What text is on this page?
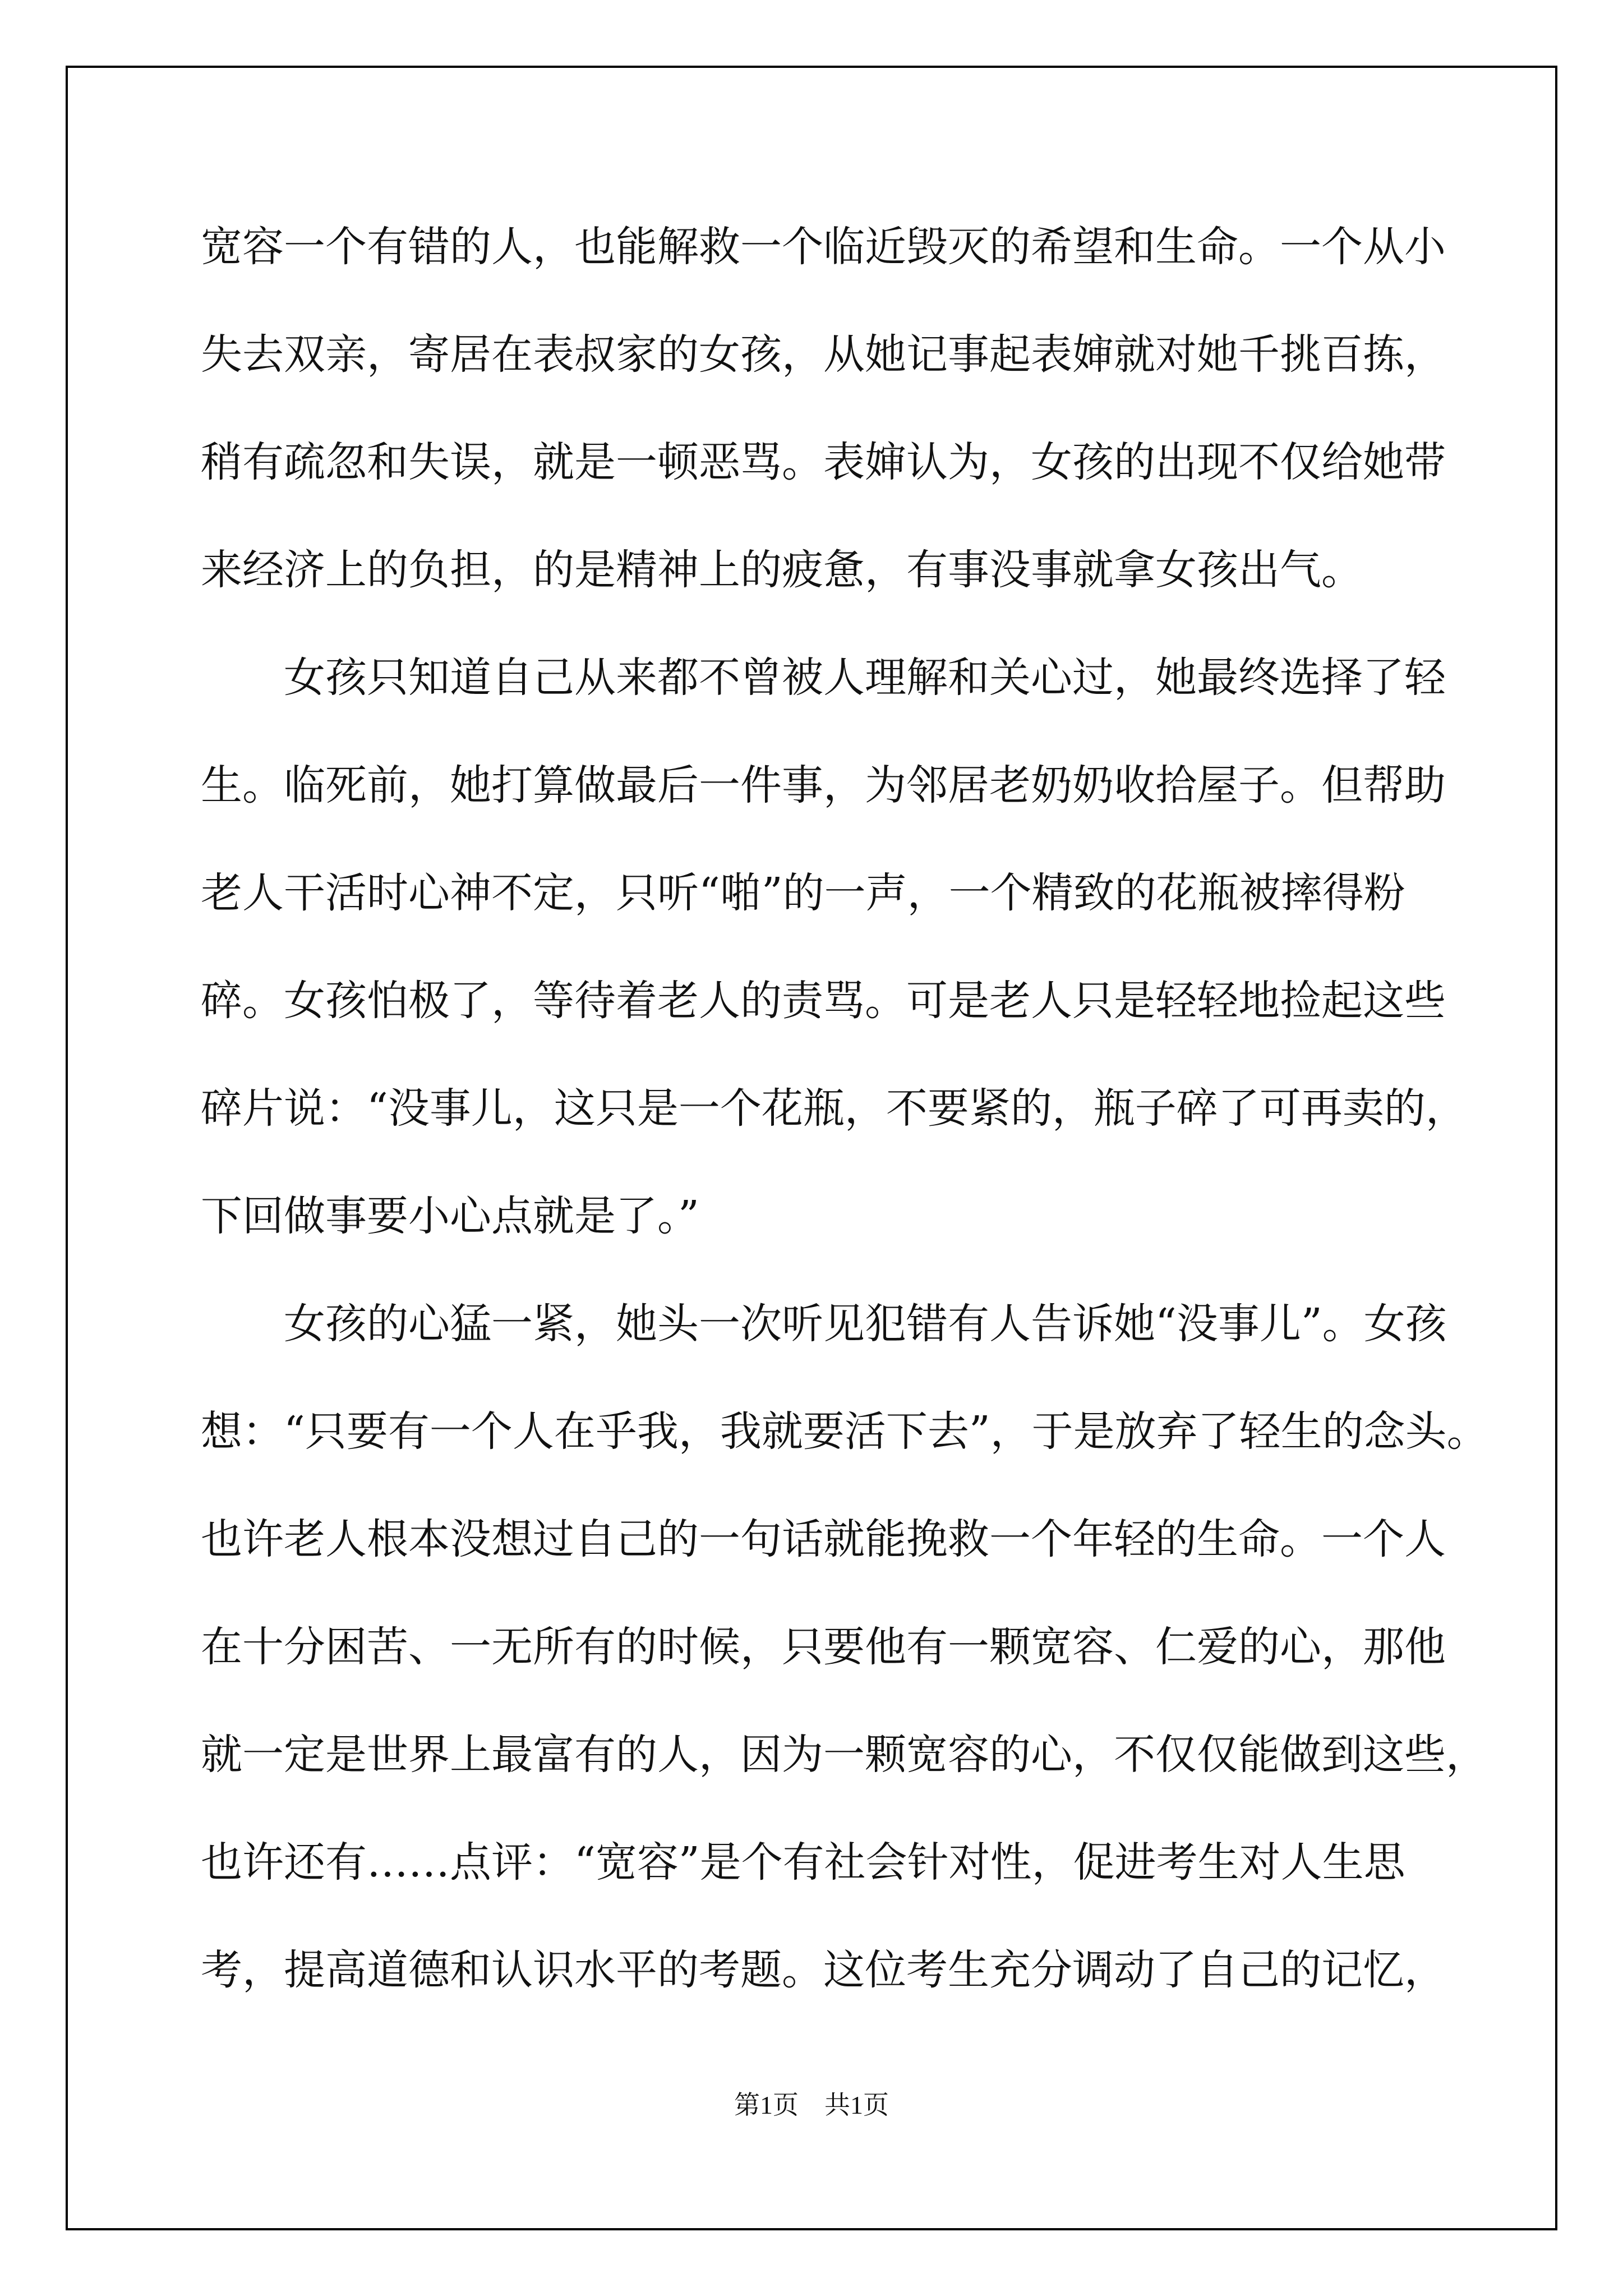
宽容一个有错的人，也能解救一个临近毁灭的希望和生命。一个从小
失去双亲，寄居在表叔家的女孩，从她记事起表婶就对她千挑百拣，
稍有疏忽和失误，就是一顿恶骂。表婶认为，女孩的出现不仅给她带
来经济上的负担，的是精神上的疲惫，有事没事就拿女孩出气。
女孩只知道自己从来都不曾被人理解和关心过，她最终选择了轻
生。临死前，她打算做最后一件事，为邻居老奶奶收拾屋子。但帮助
老人干活时心神不定，只听“啪”的一声，一个精致的花瓶被摔得粉
碎。女孩怕极了，等待着老人的责骂。可是老人只是轻轻地捡起这些
碎片说：“没事儿，这只是一个花瓶，不要紧的，瓶子碎了可再卖的，
下回做事要小心点就是了。”
女孩的心猛一紧，她头一次听见犯错有人告诉她“没事儿”。女孩
想：“只要有一个人在乎我，我就要活下去”，于是放弃了轻生的念头。
也许老人根本没想过自己的一句话就能挽救一个年轻的生命。一个人
在十分困苦、一无所有的时候，只要他有一颗宽容、仁爱的心，那他
就一定是世界上最富有的人，因为一颗宽容的心，不仅仅能做到这些，
也许还有……点评：“宽容”是个有社会针对性，促进考生对人生思
考，提高道德和认识水平的考题。这位考生充分调动了自己的记忆，
第1页 共1页
